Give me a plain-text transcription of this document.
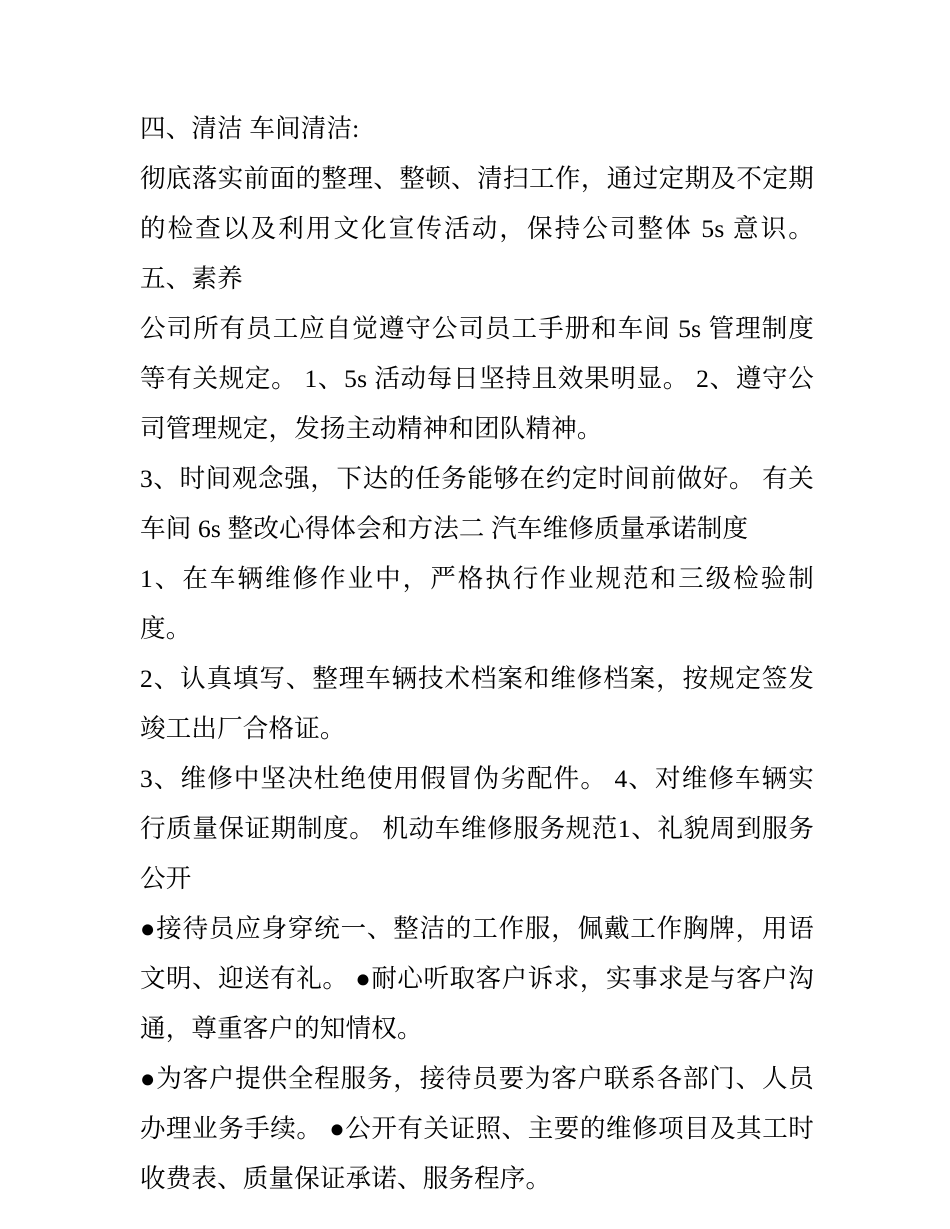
四、清洁 车间清洁:

彻底落实前面的整理、整顿、清扫工作，通过定期及不定期的检查以及利用文化宣传活动，保持公司整体 5s 意识。 五、素养

公司所有员工应自觉遵守公司员工手册和车间 5s 管理制度等有关规定。 1、5s 活动每日坚持且效果明显。 2、遵守公司管理规定，发扬主动精神和团队精神。

3、时间观念强，下达的任务能够在约定时间前做好。 有关车间 6s 整改心得体会和方法二 汽车维修质量承诺制度

1、在车辆维修作业中，严格执行作业规范和三级检验制度。

2、认真填写、整理车辆技术档案和维修档案，按规定签发竣工出厂合格证。

3、维修中坚决杜绝使用假冒伪劣配件。 4、对维修车辆实行质量保证期制度。 机动车维修服务规范1、礼貌周到服务公开

●接待员应身穿统一、整洁的工作服，佩戴工作胸牌，用语文明、迎送有礼。 ●耐心听取客户诉求，实事求是与客户沟通，尊重客户的知情权。

●为客户提供全程服务，接待员要为客户联系各部门、人员办理业务手续。 ●公开有关证照、主要的维修项目及其工时收费表、质量保证承诺、服务程序。
